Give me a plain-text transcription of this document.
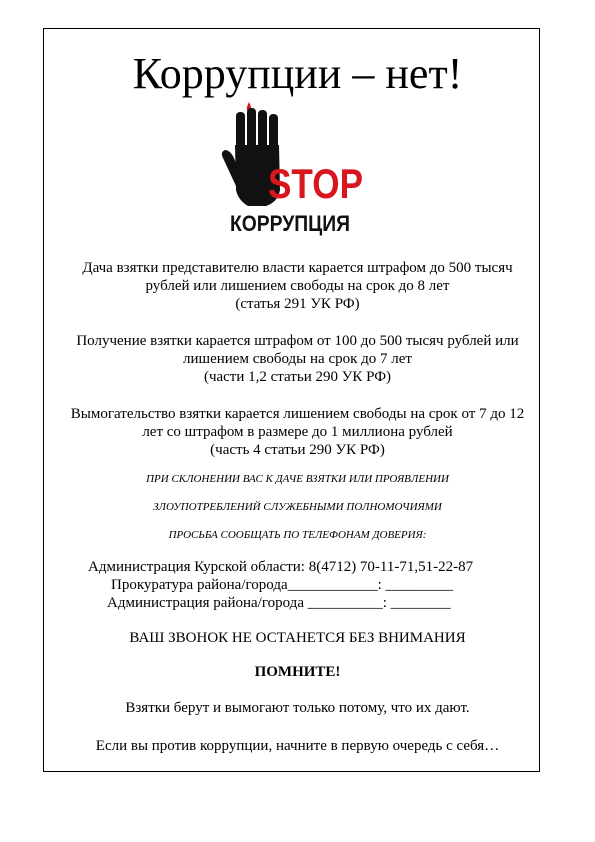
Коррупции – нет!
STOP
КОРРУПЦИЯ
Дача взятки представителю власти карается штрафом до 500 тысяч
рублей или лишением свободы на срок до 8 лет
(статья 291 УК РФ)
Получение взятки карается штрафом от 100 до 500 тысяч рублей или
лишением свободы на срок до 7 лет
(части 1,2 статьи 290 УК РФ)
Вымогательство взятки карается лишением свободы на срок от 7 до 12
лет со штрафом в размере до 1 миллиона рублей
(часть 4 статьи 290 УК РФ)
ПРИ СКЛОНЕНИИ ВАС К ДАЧЕ ВЗЯТКИ ИЛИ ПРОЯВЛЕНИИ
ЗЛОУПОТРЕБЛЕНИЙ СЛУЖЕБНЫМИ ПОЛНОМОЧИЯМИ
ПРОСЬБА СООБЩАТЬ ПО ТЕЛЕФОНАМ ДОВЕРИЯ:
Администрация Курской области: 8(4712) 70-11-71,51-22-87
Прокуратура района/города____________: _________
Администрация района/города __________: ________
ВАШ ЗВОНОК НЕ ОСТАНЕТСЯ БЕЗ ВНИМАНИЯ
ПОМНИТЕ!
Взятки берут и вымогают только потому, что их дают.
Если вы против коррупции, начните в первую очередь с себя…
